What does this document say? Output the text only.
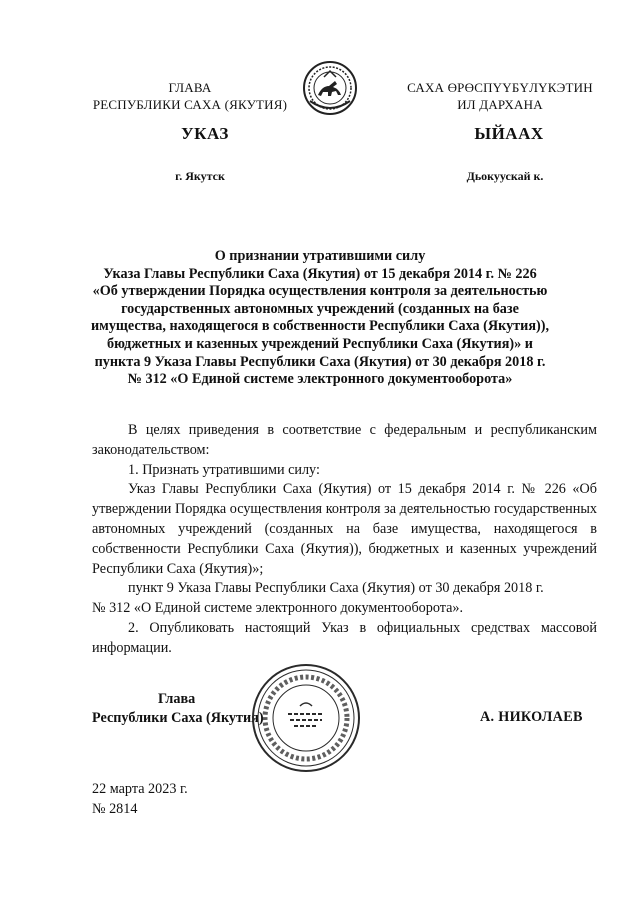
ГЛАВА
РЕСПУБЛИКИ САХА (ЯКУТИЯ)
САХА ӨРӨСПҮҮБҮЛҮКЭТИН
ИЛ ДАРХАНА
УКАЗ	ЫЙААХ
г. Якутск	Дьокуускай к.
О признании утратившими силу
Указа Главы Республики Саха (Якутия) от 15 декабря 2014 г. № 226
«Об утверждении Порядка осуществления контроля за деятельностью
государственных автономных учреждений (созданных на базе
имущества, находящегося в собственности Республики Саха (Якутия)),
бюджетных и казенных учреждений Республики Саха (Якутия)» и
пункта 9 Указа Главы Республики Саха (Якутия) от 30 декабря 2018 г.
№ 312 «О Единой системе электронного документооборота»

В целях приведения в соответствие с федеральным и республиканским законодательством:

1. Признать утратившими силу:

Указ Главы Республики Саха (Якутия) от 15 декабря 2014 г. № 226 «Об утверждении Порядка осуществления контроля за деятельностью государственных автономных учреждений (созданных на базе имущества, находящегося в собственности Республики Саха (Якутия)), бюджетных и казенных учреждений Республики Саха (Якутия)»;

пункт 9 Указа Главы Республики Саха (Якутия) от 30 декабря 2018 г.

№ 312 «О Единой системе электронного документооборота».

2. Опубликовать настоящий Указ в официальных средствах массовой информации.

Глава
Республики Саха (Якутия)	А. НИКОЛАЕВ
22 марта 2023 г.
№ 2814
